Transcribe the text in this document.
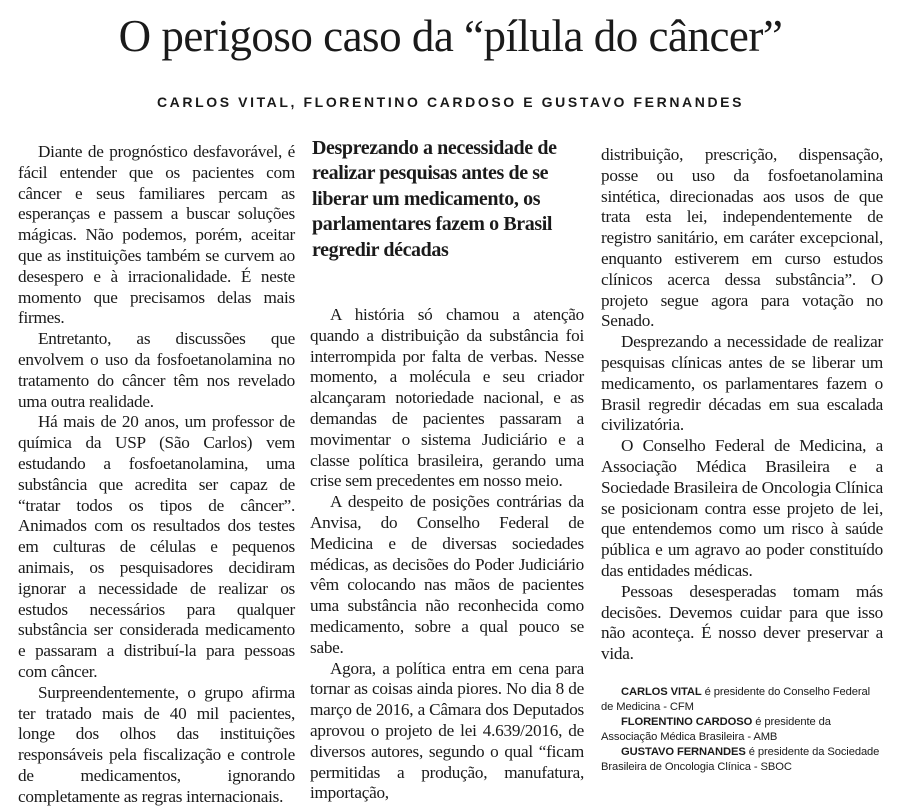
O perigoso caso da “pílula do câncer”
CARLOS VITAL, FLORENTINO CARDOSO E GUSTAVO FERNANDES

Diante de prognóstico desfavorável, é fácil entender que os pacientes com câncer e seus familiares percam as esperanças e passem a buscar soluções mágicas. Não podemos, porém, aceitar que as instituições também se curvem ao desespero e à irracionalidade. É neste momento que precisamos delas mais firmes.

Entretanto, as discussões que envolvem o uso da fosfoetanolamina no tratamento do câncer têm nos revelado uma outra realidade.

Há mais de 20 anos, um professor de química da USP (São Carlos) vem estudando a fosfoetanolamina, uma substância que acredita ser capaz de “tratar todos os tipos de câncer”. Animados com os resultados dos testes em culturas de células e pequenos animais, os pesquisadores decidiram ignorar a necessidade de realizar os estudos necessários para qualquer substância ser considerada medicamento e passaram a distribuí-la para pessoas com câncer.

Surpreendentemente, o grupo afirma ter tratado mais de 40 mil pacientes, longe dos olhos das instituições responsáveis pela fiscalização e controle de medicamentos, ignorando completamente as regras internacionais.

Desprezando a necessidade de realizar pesquisas antes de se liberar um medicamento, os parlamentares fazem o Brasil regredir décadas

A história só chamou a atenção quando a distribuição da substância foi interrompida por falta de verbas. Nesse momento, a molécula e seu criador alcançaram notoriedade nacional, e as demandas de pacientes passaram a movimentar o sistema Judiciário e a classe política brasileira, gerando uma crise sem precedentes em nosso meio.

A despeito de posições contrárias da Anvisa, do Conselho Federal de Medicina e de diversas sociedades médicas, as decisões do Poder Judiciário vêm colocando nas mãos de pacientes uma substância não reconhecida como medicamento, sobre a qual pouco se sabe.

Agora, a política entra em cena para tornar as coisas ainda piores. No dia 8 de março de 2016, a Câmara dos Deputados aprovou o projeto de lei 4.639/2016, de diversos autores, segundo o qual “ficam permitidas a produção, manufatura, importação,

distribuição, prescrição, dispensação, posse ou uso da fosfoetanolamina sintética, direcionadas aos usos de que trata esta lei, independentemente de registro sanitário, em caráter excepcional, enquanto estiverem em curso estudos clínicos acerca dessa substância”. O projeto segue agora para votação no Senado.

Desprezando a necessidade de realizar pesquisas clínicas antes de se liberar um medicamento, os parlamentares fazem o Brasil regredir décadas em sua escalada civilizatória.

O Conselho Federal de Medicina, a Associação Médica Brasileira e a Sociedade Brasileira de Oncologia Clínica se posicionam contra esse projeto de lei, que entendemos como um risco à saúde pública e um agravo ao poder constituído das entidades médicas.

Pessoas desesperadas tomam más decisões. Devemos cuidar para que isso não aconteça. É nosso dever preservar a vida.

CARLOS VITAL é presidente do Conselho Federal de Medicina - CFM

FLORENTINO CARDOSO é presidente da Associação Médica Brasileira - AMB

GUSTAVO FERNANDES é presidente da Sociedade Brasileira de Oncologia Clínica - SBOC
